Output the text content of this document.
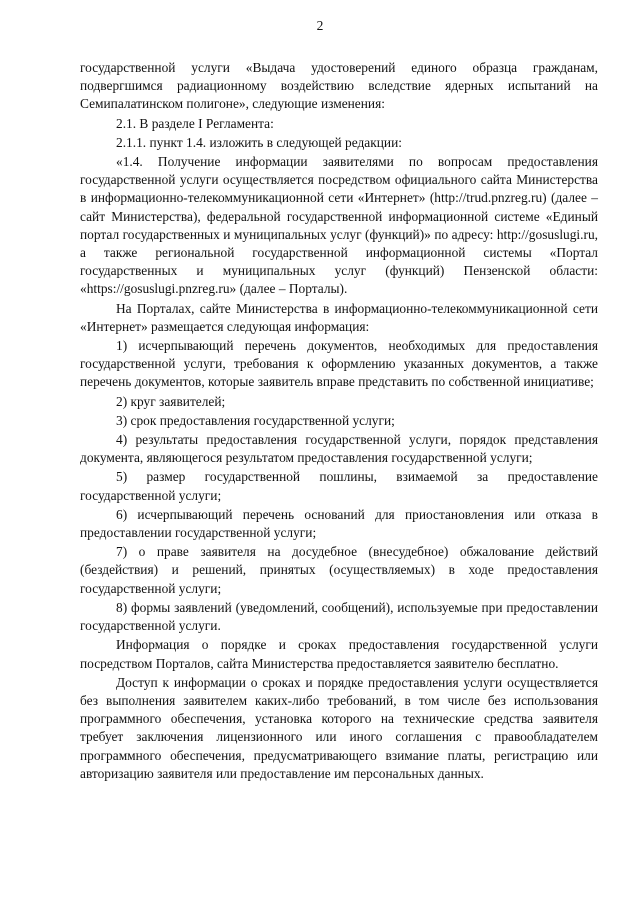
2

государственной услуги «Выдача удостоверений единого образца гражданам, подвергшимся радиационному воздействию вследствие ядерных испытаний на Семипалатинском полигоне», следующие изменения:

2.1. В разделе I Регламента:

2.1.1. пункт 1.4. изложить в следующей редакции:

«1.4. Получение информации заявителями по вопросам предоставления государственной услуги осуществляется посредством официального сайта Министерства в информационно-телекоммуникационной сети «Интернет» (http://trud.pnzreg.ru) (далее – сайт Министерства), федеральной государственной информационной системе «Единый портал государственных и муниципальных услуг (функций)» по адресу: http://gosuslugi.ru, а также региональной государственной информационной системы «Портал государственных и муниципальных услуг (функций) Пензенской области: «https://gosuslugi.pnzreg.ru» (далее – Порталы).

На Порталах, сайте Министерства в информационно-телекоммуникационной сети «Интернет» размещается следующая информация:

1) исчерпывающий перечень документов, необходимых для предоставления государственной услуги, требования к оформлению указанных документов, а также перечень документов, которые заявитель вправе представить по собственной инициативе;

2) круг заявителей;

3) срок предоставления государственной услуги;

4) результаты предоставления государственной услуги, порядок представления документа, являющегося результатом предоставления государственной услуги;

5) размер государственной пошлины, взимаемой за предоставление государственной услуги;

6) исчерпывающий перечень оснований для приостановления или отказа в предоставлении государственной услуги;

7) о праве заявителя на досудебное (внесудебное) обжалование действий (бездействия) и решений, принятых (осуществляемых) в ходе предоставления государственной услуги;

8) формы заявлений (уведомлений, сообщений), используемые при предоставлении государственной услуги.

Информация о порядке и сроках предоставления государственной услуги посредством Порталов, сайта Министерства предоставляется заявителю бесплатно.

Доступ к информации о сроках и порядке предоставления услуги осуществляется без выполнения заявителем каких-либо требований, в том числе без использования программного обеспечения, установка которого на технические средства заявителя требует заключения лицензионного или иного соглашения с правообладателем программного обеспечения, предусматривающего взимание платы, регистрацию или авторизацию заявителя или предоставление им персональных данных.
